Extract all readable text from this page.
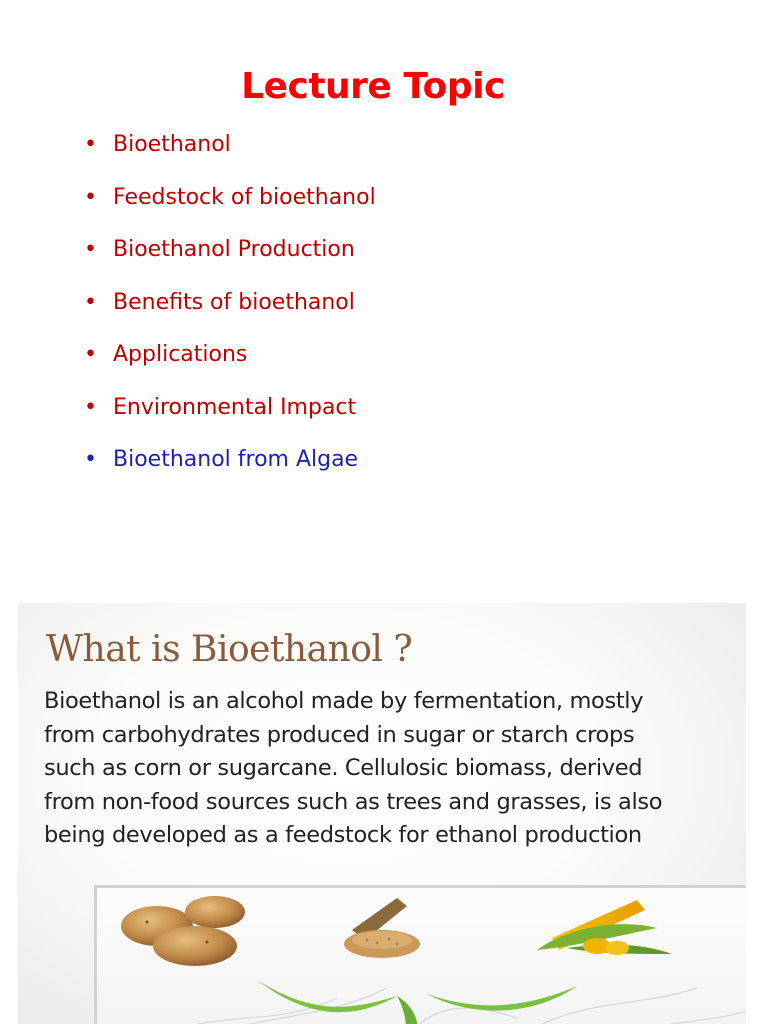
Lecture Topic
• Bioethanol
• Feedstock of bioethanol
• Bioethanol Production
• Benefits of bioethanol
• Applications
• Environmental Impact
• Bioethanol from Algae
What is Bioethanol ?
Bioethanol is an alcohol made by fermentation, mostly
from carbohydrates produced in sugar or starch crops
such as corn or sugarcane. Cellulosic biomass, derived
from non-food sources such as trees and grasses, is also
being developed as a feedstock for ethanol production
